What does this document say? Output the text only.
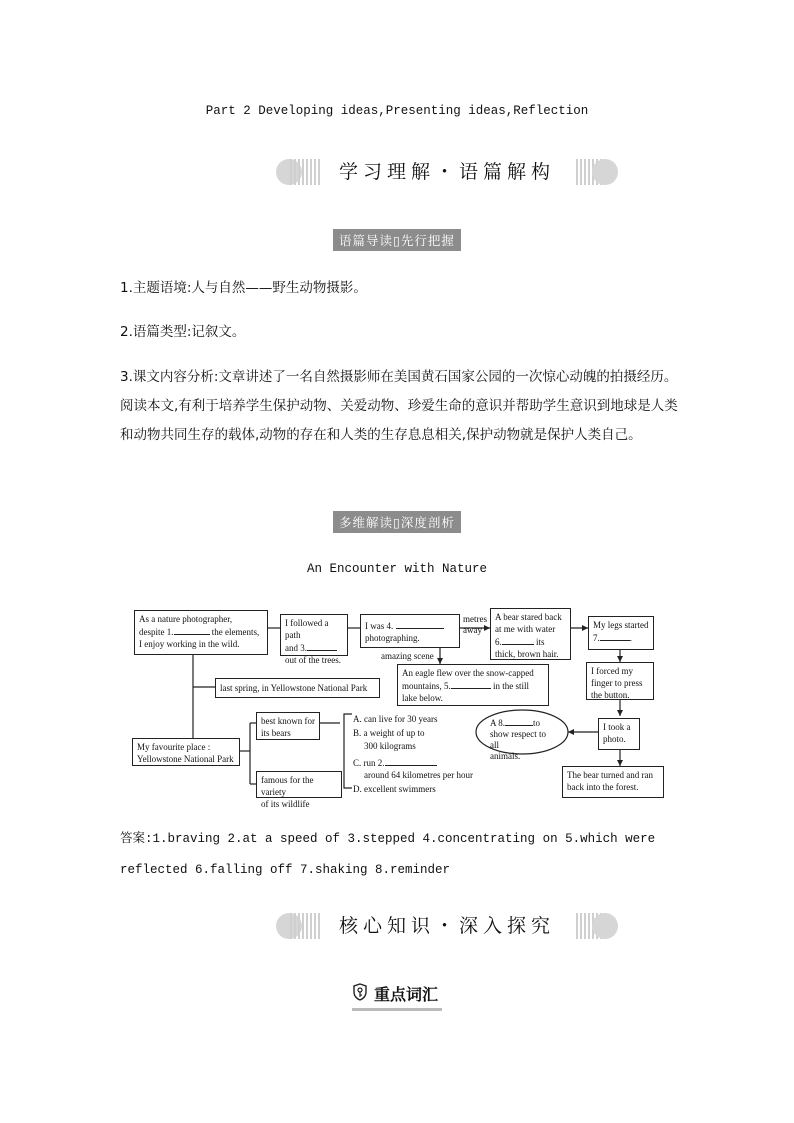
Part 2 Developing ideas,Presenting ideas,Reflection
学习理解・语篇解构
语篇导读▯先行把握
1.主题语境:人与自然——野生动物摄影。
2.语篇类型:记叙文。
3.课文内容分析:文章讲述了一名自然摄影师在美国黄石国家公园的一次惊心动魄的拍摄经历。阅读本文,有利于培养学生保护动物、关爱动物、珍爱生命的意识并帮助学生意识到地球是人类和动物共同生存的载体,动物的存在和人类的生存息息相关,保护动物就是保护人类自己。
多维解读▯深度剖析
An Encounter with Nature
As a nature photographer,
despite 1.	the elements,
I enjoy working in the wild.
I followed a path
and 3.
out of the trees.
I was 4.
photographing.
metres
away
A bear stared back
at me with water
6.	its
thick, brown hair.
My legs started
7.	.
amazing scene
An eagle flew over the snow-capped
mountains, 5.	in the still
lake below.
I forced my
finger to press
the button.
last spring, in Yellowstone National Park
best known for
its bears
A. can live for 30 years
B. a weight of up to
300 kilograms
C. run 2.
around 64 kilometres per hour
D. excellent swimmers
A 8.	to
show respect to all
animals.
I took a
photo.
My favourite place :
Yellowstone National Park
famous for the variety
of its wildlife
The bear turned and ran
back into the forest.
答案:1.braving 2.at a speed of 3.stepped 4.concentrating on 5.which were
reflected 6.falling off 7.shaking 8.reminder
核心知识・深入探究
重点词汇
